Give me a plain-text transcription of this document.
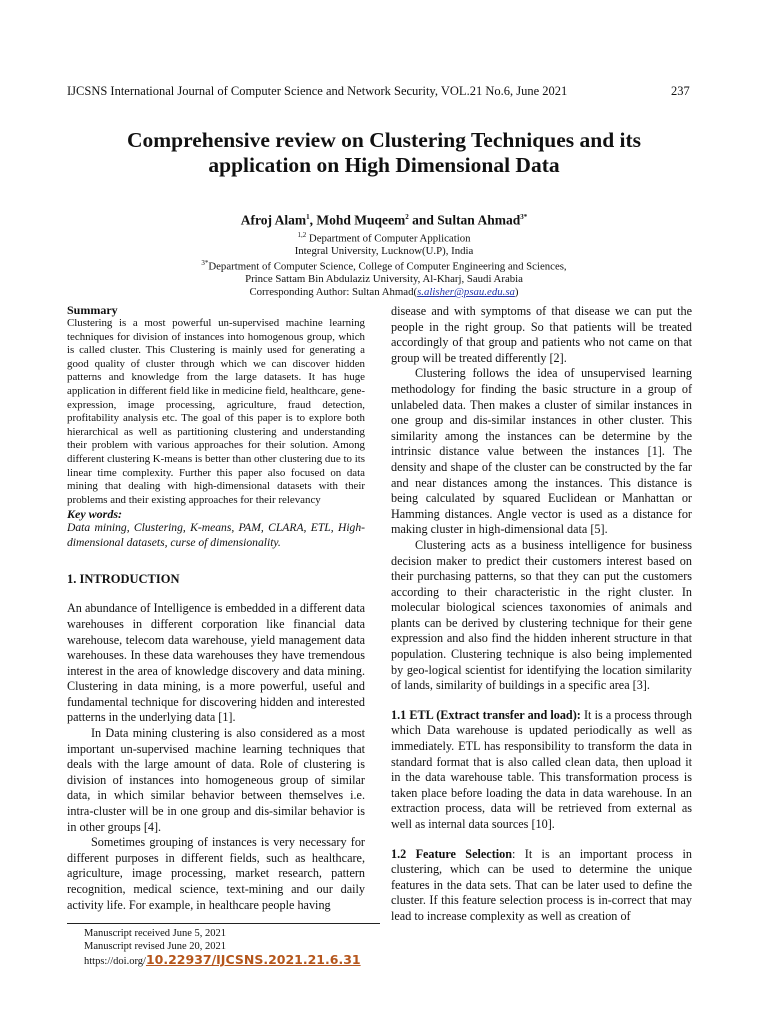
IJCSNS International Journal of Computer Science and Network Security, VOL.21 No.6, June 2021	237
Comprehensive review on Clustering Techniques and its
application on High Dimensional Data
Afroj Alam$^1$, Mohd Muqeem$^2$ and Sultan Ahmad$^{3*}$
$^{1,2}$ Department of Computer Application
Integral University, Lucknow(U.P), India
$^{3*}$Department of Computer Science, College of Computer Engineering and Sciences,
Prince Sattam Bin Abdulaziz University, Al-Kharj, Saudi Arabia
Corresponding Author: Sultan Ahmad(s.alisher@psau.edu.sa)
Summary
Clustering is a most powerful un-supervised machine learning techniques for division of instances into homogenous group, which is called cluster. This Clustering is mainly used for generating a good quality of cluster through which we can discover hidden patterns and knowledge from the large datasets. It has huge application in different field like in medicine field, healthcare, gene-expression, image processing, agriculture, fraud detection, profitability analysis etc. The goal of this paper is to explore both hierarchical as well as partitioning clustering and understanding their problem with various approaches for their solution. Among different clustering K-means is better than other clustering due to its linear time complexity. Further this paper also focused on data mining that dealing with high-dimensional datasets with their problems and their existing approaches for their relevancy
Key words:
Data mining, Clustering, K-means, PAM, CLARA, ETL, High-dimensional datasets, curse of dimensionality.
1. INTRODUCTION

An abundance of Intelligence is embedded in a different data warehouses in different corporation like financial data warehouse, telecom data warehouse, yield management data warehouses. In these data warehouses they have tremendous interest in the area of knowledge discovery and data mining. Clustering in data mining, is a more powerful, useful and fundamental technique for discovering hidden and interested patterns in the underlying data [1].

In Data mining clustering is also considered as a most important un-supervised machine learning techniques that deals with the large amount of data. Role of clustering is division of instances into homogeneous group of similar data, in which similar behavior between themselves i.e. intra-cluster will be in one group and dis-similar behavior is in other groups [4].

Sometimes grouping of instances is very necessary for different purposes in different fields, such as healthcare, agriculture, image processing, market research, pattern recognition, medical science, text-mining and our daily activity life. For example, in healthcare people having

Manuscript received June 5, 2021
Manuscript revised June 20, 2021
https://doi.org/10.22937/IJCSNS.2021.21.6.31

disease and with symptoms of that disease we can put the people in the right group. So that patients will be treated accordingly of that group and patients who not came on that group will be treated differently [2].

Clustering follows the idea of unsupervised learning methodology for finding the basic structure in a group of unlabeled data. Then makes a cluster of similar instances in one group and dis-similar instances in other cluster. This similarity among the instances can be determine by the intrinsic distance value between the instances [1]. The density and shape of the cluster can be constructed by the far and near distances among the instances. This distance is being calculated by squared Euclidean or Manhattan or Hamming distances. Angle vector is used as a distance for making cluster in high-dimensional data [5].

Clustering acts as a business intelligence for business decision maker to predict their customers interest based on their purchasing patterns, so that they can put the customers according to their characteristic in the right cluster. In molecular biological sciences taxonomies of animals and plants can be derived by clustering technique for their gene expression and also find the hidden inherent structure in that population. Clustering technique is also being implemented by geo-logical scientist for identifying the location similarity of lands, similarity of buildings in a specific area [3].

1.1 ETL (Extract transfer and load): It is a process through which Data warehouse is updated periodically as well as immediately. ETL has responsibility to transform the data in standard format that is also called clean data, then upload it in the data warehouse table. This transformation process is taken place before loading the data in data warehouse. In an extraction process, data will be retrieved from external as well as internal data sources [10].

1.2 Feature Selection: It is an important process in clustering, which can be used to determine the unique features in the data sets. That can be later used to define the cluster. If this feature selection process is in-correct that may lead to increase complexity as well as creation of
